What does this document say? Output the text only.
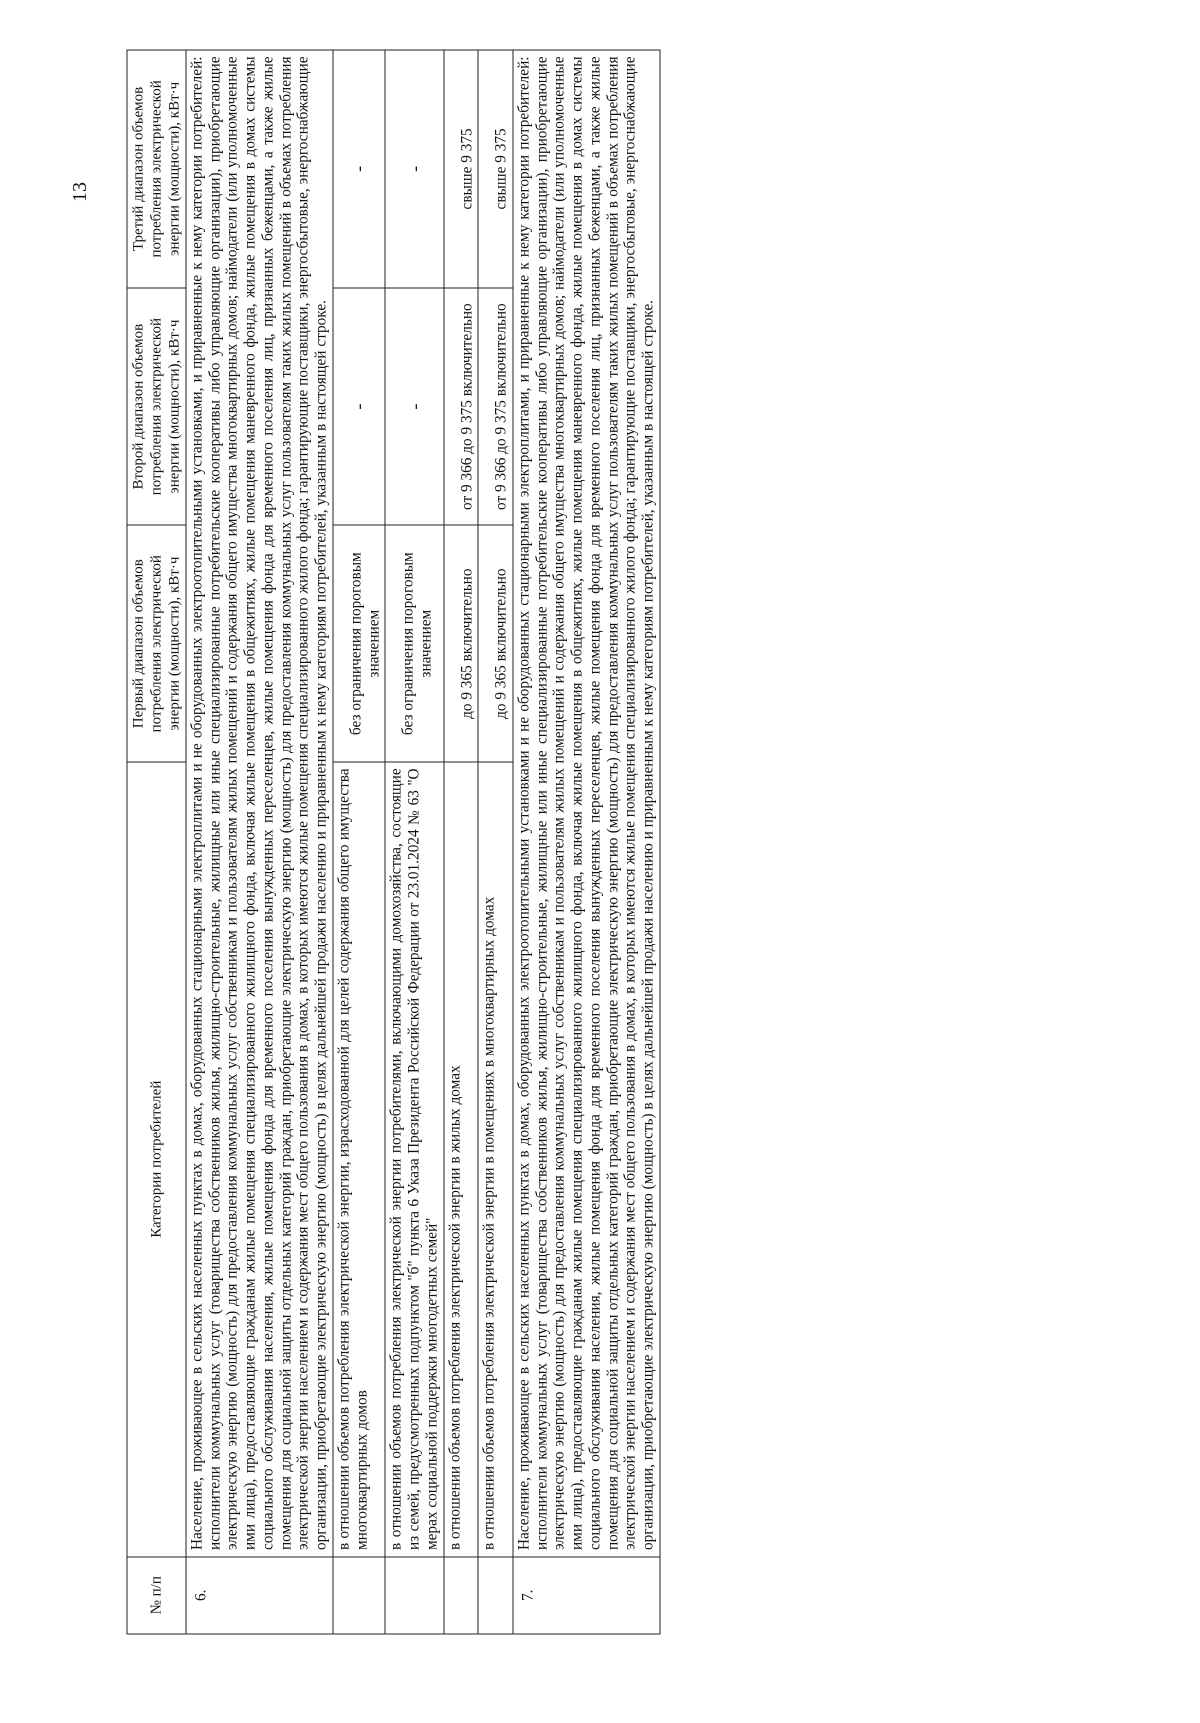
13
№ п/п	Категории потребителей	Первый диапазон объемов потребления электрической энергии (мощности), кВт·ч	Второй диапазон объемов потребления электрической энергии (мощности), кВт·ч	Третий диапазон объемов потребления электрической энергии (мощности), кВт·ч
6.	Население, проживающее в сельских населенных пунктах в домах, оборудованных стационарными электроплитами и не оборудованных электроотопительными установками, и приравненные к нему категории потребителей: исполнители коммунальных услуг (товарищества собственников жилья, жилищно-строительные, жилищные или иные специализированные потребительские кооперативы либо управляющие организации), приобретающие электрическую энергию (мощность) для предоставления коммунальных услуг собственникам и пользователям жилых помещений и содержания общего имущества многоквартирных домов; наймодатели (или уполномоченные ими лица), предоставляющие гражданам жилые помещения специализированного жилищного фонда, включая жилые помещения в общежитиях, жилые помещения маневренного фонда, жилые помещения в домах системы социального обслуживания населения, жилые помещения фонда для временного поселения вынужденных переселенцев, жилые помещения фонда для временного поселения лиц, признанных беженцами, а также жилые помещения для социальной защиты отдельных категорий граждан, приобретающие электрическую энергию (мощность) для предоставления коммунальных услуг пользователям таких жилых помещений в объемах потребления электрической энергии населением и содержания мест общего пользования в домах, в которых имеются жилые помещения специализированного жилого фонда; гарантирующие поставщики, энергосбытовые, энергоснабжающие организации, приобретающие электрическую энергию (мощность) в целях дальнейшей продажи населению и приравненным к нему категориям потребителей, указанным в настоящей строке.			
	в отношении объемов потребления электрической энергии, израсходованной для целей содержания общего имущества многоквартирных домов	без ограничения пороговым значением	-	-
	в отношении объемов потребления электрической энергии потребителями, включающими домохозяйства, состоящие из семей, предусмотренных подпунктом "б" пункта 6 Указа Президента Российской Федерации от 23.01.2024 № 63 "О мерах социальной поддержки многодетных семей"	без ограничения пороговым значением	-	-
	в отношении объемов потребления электрической энергии в жилых домах	до 9 365 включительно	от 9 366 до 9 375 включительно	свыше 9 375
	в отношении объемов потребления электрической энергии в помещениях в многоквартирных домах	до 9 365 включительно	от 9 366 до 9 375 включительно	свыше 9 375
7.	Население, проживающее в сельских населенных пунктах в домах, оборудованных электроотопительными установками и не оборудованных стационарными электроплитами, и приравненные к нему категории потребителей: исполнители коммунальных услуг (товарищества собственников жилья, жилищно-строительные, жилищные или иные специализированные потребительские кооперативы либо управляющие организации), приобретающие электрическую энергию (мощность) для предоставления коммунальных услуг собственникам и пользователям жилых помещений и содержания общего имущества многоквартирных домов; наймодатели (или уполномоченные ими лица), предоставляющие гражданам жилые помещения специализированного жилищного фонда, включая жилые помещения в общежитиях, жилые помещения маневренного фонда, жилые помещения в домах системы социального обслуживания населения, жилые помещения фонда для временного поселения вынужденных переселенцев, жилые помещения фонда для временного поселения лиц, признанных беженцами, а также жилые помещения для социальной защиты отдельных категорий граждан, приобретающие электрическую энергию (мощность) для предоставления коммунальных услуг пользователям таких жилых помещений в объемах потребления электрической энергии населением и содержания мест общего пользования в домах, в которых имеются жилые помещения специализированного жилого фонда; гарантирующие поставщики, энергосбытовые, энергоснабжающие организации, приобретающие электрическую энергию (мощность) в целях дальнейшей продажи населению и приравненным к нему категориям потребителей, указанным в настоящей строке.			
